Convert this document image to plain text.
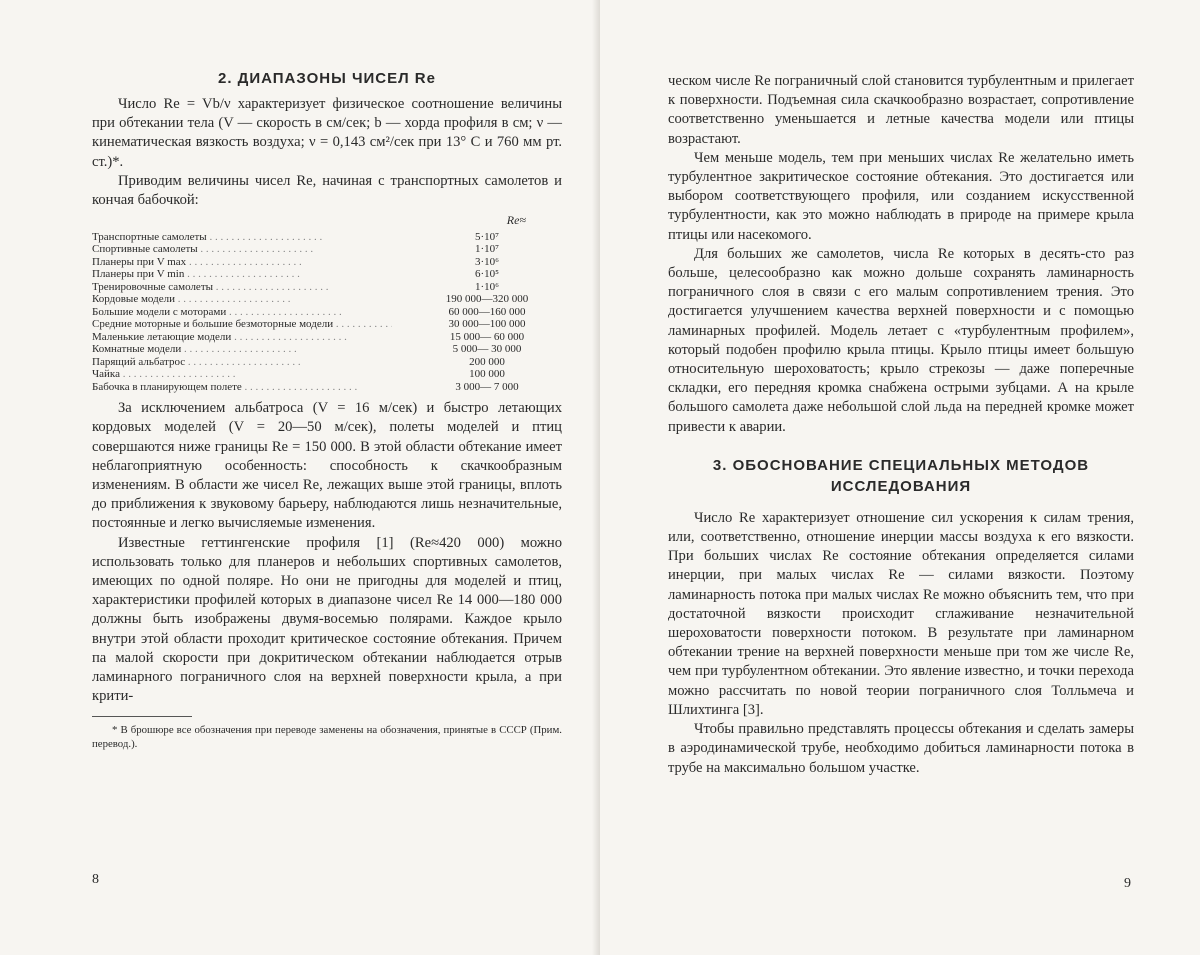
2. ДИАПАЗОНЫ ЧИСЕЛ Re

Число Re = Vb/ν характеризует физическое соотношение величины при обтекании тела (V — скорость в см/сек; b — хорда профиля в см; ν — кинематическая вязкость воздуха; ν = 0,143 см²/сек при 13° С и 760 мм рт. ст.)*.

Приводим величины чисел Re, начиная с транспортных самолетов и кончая бабочкой:

Re≈
Транспортные самолеты . . .	5·10⁷
Спортивные самолеты . . .	1·10⁷
Планеры при V max . . .	3·10⁶
Планеры при V min . . .	6·10⁵
Тренировочные самолеты . . .	1·10⁶
Кордовые модели . . .	190 000—320 000
Большие модели с моторами . . .	60 000—160 000
Средние моторные и большие безмоторные модели . . .	30 000—100 000
Маленькие летающие модели . . .	15 000— 60 000
Комнатные модели . . .	5 000— 30 000
Парящий альбатрос . . .	200 000
Чайка . . .	100 000
Бабочка в планирующем полете . . .	3 000— 7 000

За исключением альбатроса (V = 16 м/сек) и быстро летающих кордовых моделей (V = 20—50 м/сек), полеты моделей и птиц совершаются ниже границы Re = 150 000. В этой области обтекание имеет неблагоприятную особенность: способность к скачкообразным изменениям. В области же чисел Re, лежащих выше этой границы, вплоть до приближения к звуковому барьеру, наблюдаются лишь незначительные, постоянные и легко вычисляемые изменения.

Известные геттингенские профиля [1] (Re≈420 000) можно использовать только для планеров и небольших спортивных самолетов, имеющих по одной поляре. Но они не пригодны для моделей и птиц, характеристики профилей которых в диапазоне чисел Re 14 000—180 000 должны быть изображены двумя-восемью полярами. Каждое крыло внутри этой области проходит критическое состояние обтекания. Причем па малой скорости при докритическом обтекании наблюдается отрыв ламинарного пограничного слоя на верхней поверхности крыла, а при крити-

* В брошюре все обозначения при переводе заменены на обозначения, принятые в СССР (Прим. перевод.).

8

ческом числе Re пограничный слой становится турбулентным и прилегает к поверхности. Подъемная сила скачкообразно возрастает, сопротивление соответственно уменьшается и летные качества модели или птицы возрастают.

Чем меньше модель, тем при меньших числах Re желательно иметь турбулентное закритическое состояние обтекания. Это достигается или выбором соответствующего профиля, или созданием искусственной турбулентности, как это можно наблюдать в природе на примере крыла птицы или насекомого.

Для больших же самолетов, числа Re которых в десять-сто раз больше, целесообразно как можно дольше сохранять ламинарность пограничного слоя в связи с его малым сопротивлением трения. Это достигается улучшением качества верхней поверхности и с помощью ламинарных профилей. Модель летает с «турбулентным профилем», который подобен профилю крыла птицы. Крыло птицы имеет большую относительную шероховатость; крыло стрекозы — даже поперечные складки, его передняя кромка снабжена острыми зубцами. А на крыле большого самолета даже небольшой слой льда на передней кромке может привести к аварии.

3. ОБОСНОВАНИЕ СПЕЦИАЛЬНЫХ МЕТОДОВ ИССЛЕДОВАНИЯ

Число Re характеризует отношение сил ускорения к силам трения, или, соответственно, отношение инерции массы воздуха к его вязкости. При больших числах Re состояние обтекания определяется силами инерции, при малых числах Re — силами вязкости. Поэтому ламинарность потока при малых числах Re можно объяснить тем, что при достаточной вязкости происходит сглаживание незначительной шероховатости поверхности потоком. В результате при ламинарном обтекании трение на верхней поверхности меньше при том же числе Re, чем при турбулентном обтекании. Это явление известно, и точки перехода можно рассчитать по новой теории пограничного слоя Толльмеча и Шлихтинга [3].

Чтобы правильно представлять процессы обтекания и сделать замеры в аэродинамической трубе, необходимо добиться ламинарности потока в трубе на максимально большом участке.

9
